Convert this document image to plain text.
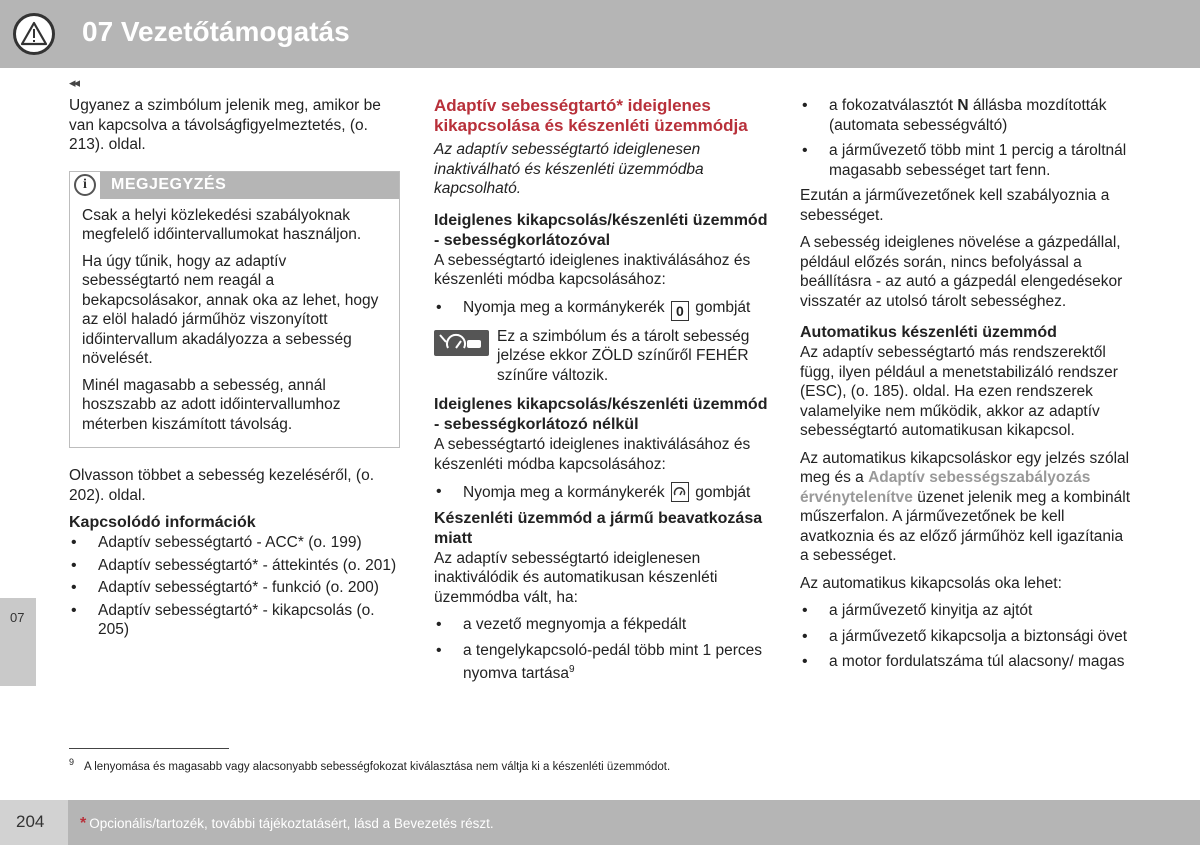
07 Vezetőtámogatás
◂◂

Ugyanez a szimbólum jelenik meg, amikor be van kapcsolva a távolságfigyelmeztetés, (o. 213). oldal.

i	MEGJEGYZÉS

Csak a helyi közlekedési szabályoknak megfelelő időintervallumokat használjon.

Ha úgy tűnik, hogy az adaptív sebességtartó nem reagál a bekapcsolásakor, annak oka az lehet, hogy az elöl haladó járműhöz viszonyított időintervallum akadályozza a sebesség növelését.

Minél magasabb a sebesség, annál hoszszabb az adott időintervallumhoz méterben kiszámított távolság.

Olvasson többet a sebesség kezeléséről, (o. 202). oldal.

Kapcsolódó információk
• Adaptív sebességtartó - ACC* (o. 199)
• Adaptív sebességtartó* - áttekintés (o. 201)
• Adaptív sebességtartó* - funkció (o. 200)
• Adaptív sebességtartó* - kikapcsolás (o. 205)
Adaptív sebességtartó* ideiglenes kikapcsolása és készenléti üzemmódja

Az adaptív sebességtartó ideiglenesen inaktiválható és készenléti üzemmódba kapcsolható.

Ideiglenes kikapcsolás/készenléti üzemmód - sebességkorlátozóval

A sebességtartó ideiglenes inaktiválásához és készenléti módba kapcsolásához:

• Nyomja meg a kormánykerék 0 gombját
Ez a szimbólum és a tárolt sebesség jelzése ekkor ZÖLD színűről FEHÉR színűre változik.
Ideiglenes kikapcsolás/készenléti üzemmód - sebességkorlátozó nélkül

A sebességtartó ideiglenes inaktiválásához és készenléti módba kapcsolásához:

• Nyomja meg a kormánykerék gombját
Készenléti üzemmód a jármű beavatkozása miatt

Az adaptív sebességtartó ideiglenesen inaktiválódik és automatikusan készenléti üzemmódba vált, ha:

• a vezető megnyomja a fékpedált
• a tengelykapcsoló-pedál több mint 1 perces nyomva tartása$^9$
• a fokozatválasztót N állásba mozdították (automata sebességváltó)
• a járművezető több mint 1 percig a tároltnál magasabb sebességet tart fenn.

Ezután a járművezetőnek kell szabályoznia a sebességet.

A sebesség ideiglenes növelése a gázpedállal, például előzés során, nincs befolyással a beállításra - az autó a gázpedál elengedésekor visszatér az utolsó tárolt sebességhez.

Automatikus készenléti üzemmód

Az adaptív sebességtartó más rendszerektől függ, ilyen például a menetstabilizáló rendszer (ESC), (o. 185). oldal. Ha ezen rendszerek valamelyike nem működik, akkor az adaptív sebességtartó automatikusan kikapcsol.

Az automatikus kikapcsoláskor egy jelzés szólal meg és a Adaptív sebességszabályozás érvénytelenítve üzenet jelenik meg a kombinált műszerfalon. A járművezetőnek be kell avatkoznia és az előző járműhöz kell igazítania a sebességet.

Az automatikus kikapcsolás oka lehet:

• a járművezető kinyitja az ajtót
• a járművezető kikapcsolja a biztonsági övet
• a motor fordulatszáma túl alacsony/ magas
07
$^9$ A lenyomása és magasabb vagy alacsonyabb sebességfokozat kiválasztása nem váltja ki a készenléti üzemmódot.
204 * Opcionális/tartozék, további tájékoztatásért, lásd a Bevezetés részt.
